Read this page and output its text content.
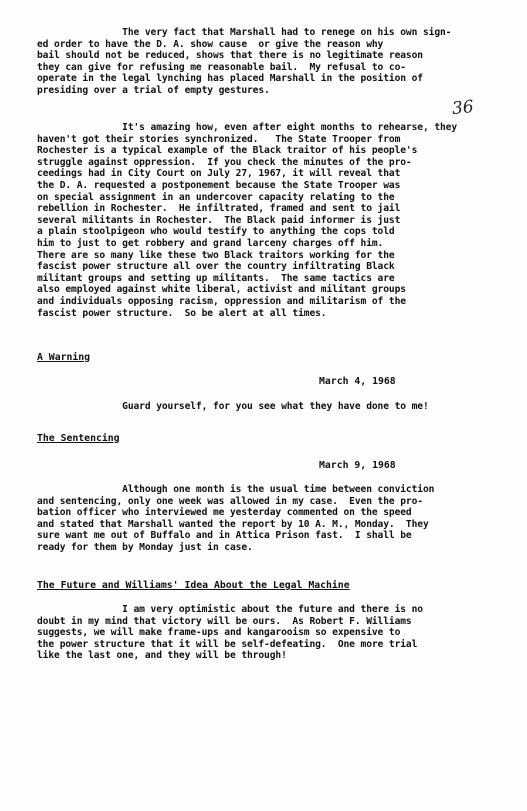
The very fact that Marshall had to renege on his own sign-
ed order to have the D. A. show cause  or give the reason why
bail should not be reduced, shows that there is no legitimate reason
they can give for refusing me reasonable bail.  My refusal to co-
operate in the legal lynching has placed Marshall in the position of
presiding over a trial of empty gestures.

36

It's amazing how, even after eight months to rehearse, they
haven't got their stories synchronized.   The State Trooper from
Rochester is a typical example of the Black traitor of his people's
struggle against oppression.  If you check the minutes of the pro-
ceedings had in City Court on July 27, 1967, it will reveal that
the D. A. requested a postponement because the State Trooper was
on special assignment in an undercover capacity relating to the
rebellion in Rochester.  He infiltrated, framed and sent to jail
several militants in Rochester.  The Black paid informer is just
a plain stoolpigeon who would testify to anything the cops told
him to just to get robbery and grand larceny charges off him.
There are so many like these two Black traitors working for the
fascist power structure all over the country infiltrating Black
militant groups and setting up militants.  The same tactics are
also employed against white liberal, activist and militant groups
and individuals opposing racism, oppression and militarism of the
fascist power structure.  So be alert at all times.

A Warning

March 4, 1968

Guard yourself, for you see what they have done to me!

The Sentencing

March 9, 1968

Although one month is the usual time between conviction
and sentencing, only one week was allowed in my case.  Even the pro-
bation officer who interviewed me yesterday commented on the speed
and stated that Marshall wanted the report by 10 A. M., Monday.  They
sure want me out of Buffalo and in Attica Prison fast.  I shall be
ready for them by Monday just in case.

The Future and Williams' Idea About the Legal Machine

I am very optimistic about the future and there is no
doubt in my mind that victory will be ours.  As Robert F. Williams
suggests, we will make frame-ups and kangarooism so expensive to
the power structure that it will be self-defeating.  One more trial
like the last one, and they will be through!
